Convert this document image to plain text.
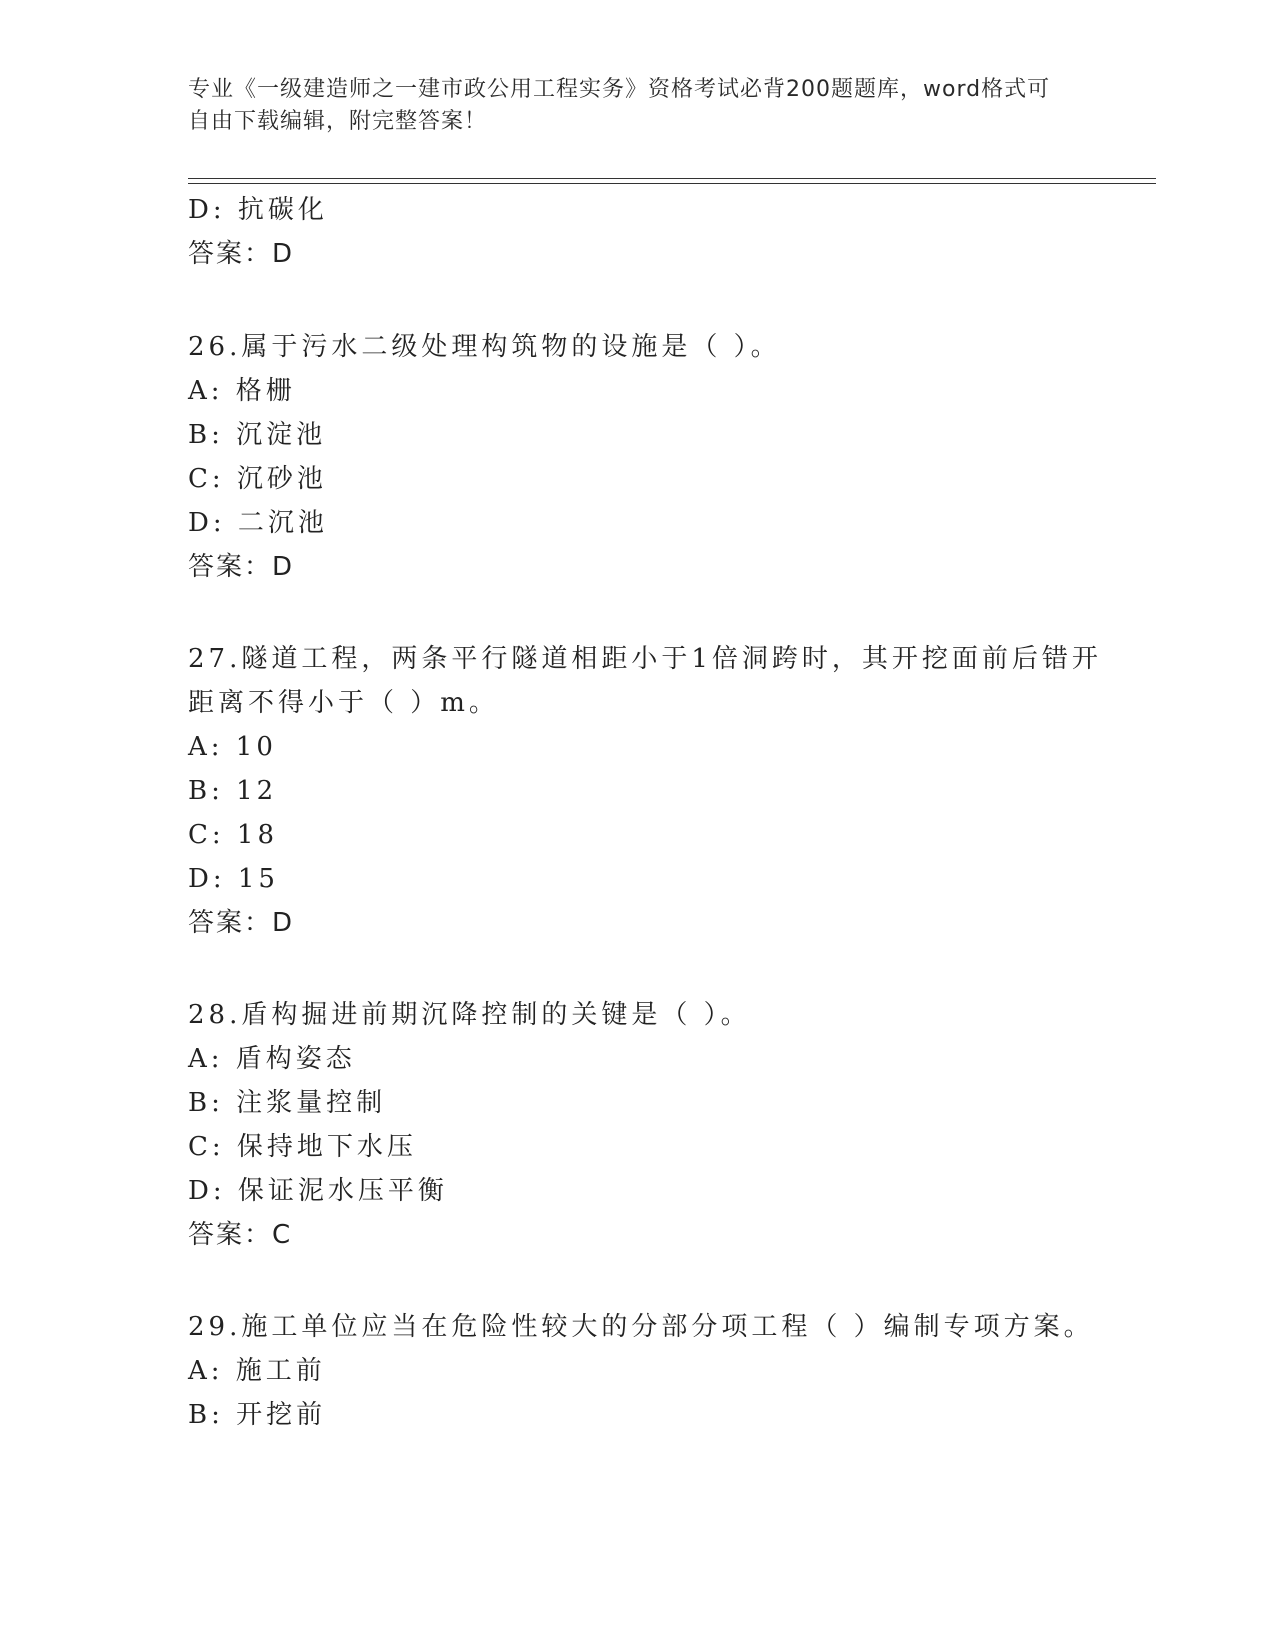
专业《一级建造师之一建市政公用工程实务》资格考试必背200题题库，word格式可自由下载编辑，附完整答案！
D: 抗碳化
答案：D
26.属于污水二级处理构筑物的设施是（ ）。
A: 格栅
B: 沉淀池
C: 沉砂池
D: 二沉池
答案：D
27.隧道工程，两条平行隧道相距小于1倍洞跨时，其开挖面前后错开
距离不得小于（ ）m。
A: 10
B: 12
C: 18
D: 15
答案：D
28.盾构掘进前期沉降控制的关键是（ ）。
A: 盾构姿态
B: 注浆量控制
C: 保持地下水压
D: 保证泥水压平衡
答案：C
29.施工单位应当在危险性较大的分部分项工程（ ）编制专项方案。
A: 施工前
B: 开挖前
